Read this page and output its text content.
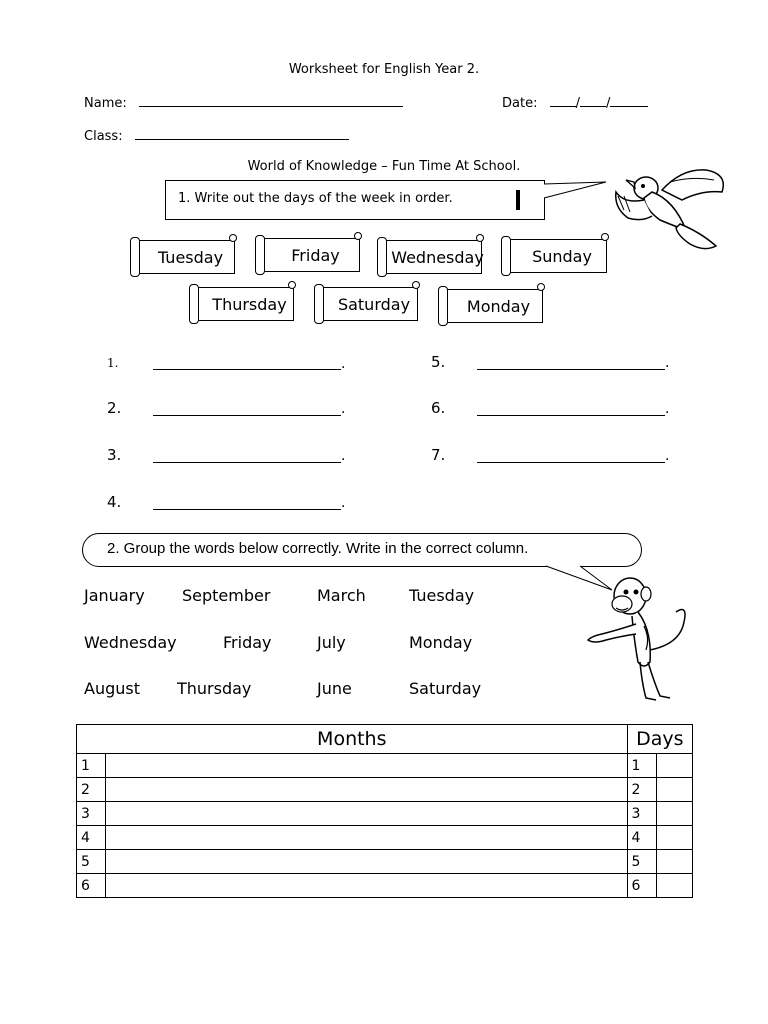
Worksheet for English Year 2.
Name:	Date:	/ /
Class:
World of Knowledge – Fun Time At School.
1. Write out the days of the week in order.
Tuesday	Friday	Wednesday	Sunday
Thursday	Saturday	Monday
1.	.
2.	.
3.	.
4.	.
5.	.
6.	.
7.	.
2. Group the words below correctly. Write in the correct column.
January September	March	Tuesday
Wednesday	Friday	July	Monday
August Thursday	June	Saturday
Months		Days	
1		1	
2		2	
3		3	
4		4	
5		5	
6		6	
